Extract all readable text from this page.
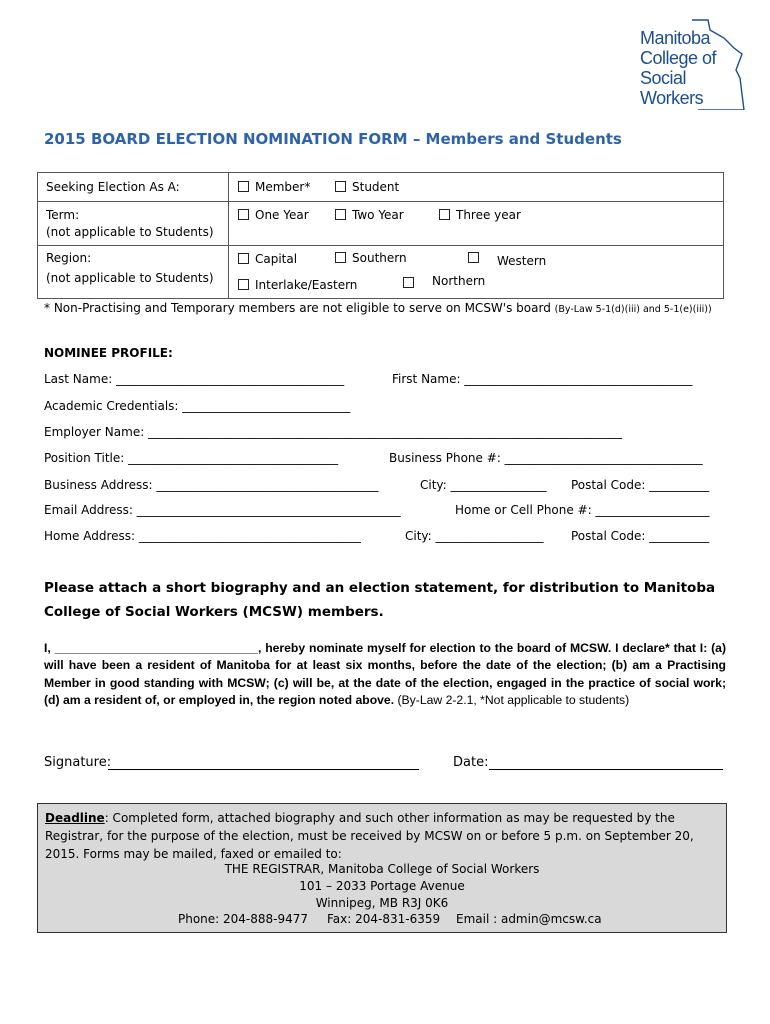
Manitoba
College of
Social
Workers
2015 BOARD ELECTION NOMINATION FORM – Members and Students
Seeking Election As A:	Member*	Student
Term:
(not applicable to Students)
One Year	Two Year	Three year
Region:
(not applicable to Students)
Capital	Southern	Western
Interlake/Eastern	Northern
* Non-Practising and Temporary members are not eligible to serve on MCSW's board (By-Law 5-1(d)(iii) and 5-1(e)(iii))
NOMINEE PROFILE:
Last Name: ______________________________________	First Name: ______________________________________
Academic Credentials: ____________________________
Employer Name: _______________________________________________________________________________
Position Title: ___________________________________	Business Phone #: _________________________________
Business Address: _____________________________________	City: ________________ Postal Code: __________
Email Address: ____________________________________________	Home or Cell Phone #: ___________________
Home Address: _____________________________________	City: __________________ Postal Code: __________
Please attach a short biography and an election statement, for distribution to Manitoba College of Social Workers (MCSW) members.
I, ______________________________, hereby nominate myself for election to the board of MCSW. I declare* that I: (a) will have been a resident of Manitoba for at least six months, before the date of the election; (b) am a Practising Member in good standing with MCSW; (c) will be, at the date of the election, engaged in the practice of social work; (d) am a resident of, or employed in, the region noted above. (By-Law 2-2.1, *Not applicable to students)
Signature:	Date:
Deadline: Completed form, attached biography and such other information as may be requested by the Registrar, for the purpose of the election, must be received by MCSW on or before 5 p.m. on September 20, 2015. Forms may be mailed, faxed or emailed to:
THE REGISTRAR, Manitoba College of Social Workers
101 – 2033 Portage Avenue
Winnipeg, MB R3J 0K6
Phone: 204-888-9477 Fax: 204-831-6359 Email : admin@mcsw.ca
